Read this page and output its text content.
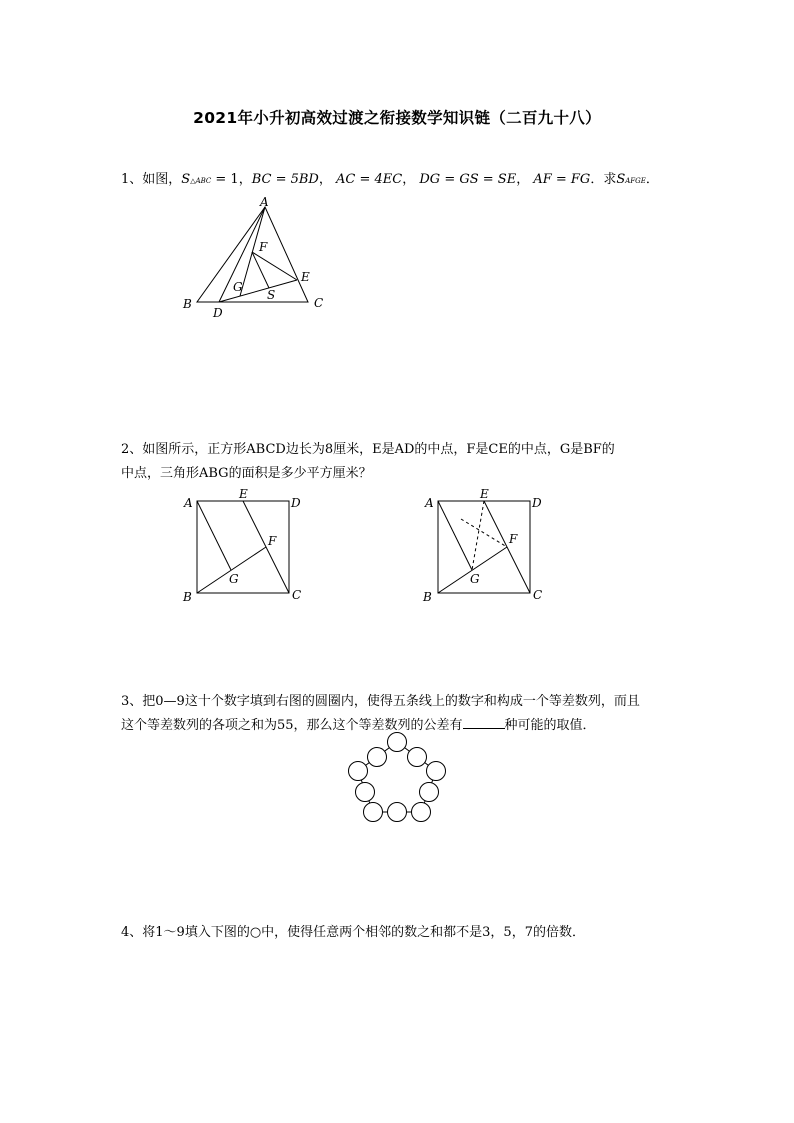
2021年小升初高效过渡之衔接数学知识链（二百九十八）
1、如图，S△ABC = 1，BC = 5BD， AC = 4EC， DG = GS = SE， AF = FG．求SAFGE．
A
B	C
D
E
F
G
S
2、如图所示，正方形ABCD边长为8厘米，E是AD的中点，F是CE的中点，G是BF的
中点，三角形ABG的面积是多少平方厘米？
A
E
D
F
G
B	C
A
E
D
F
G
B	C
3、把0—9这十个数字填到右图的圆圈内，使得五条线上的数字和构成一个等差数列，而且
这个等差数列的各项之和为55，那么这个等差数列的公差有	种可能的取值．
4、将1～9填入下图的○中，使得任意两个相邻的数之和都不是3，5，7的倍数．
